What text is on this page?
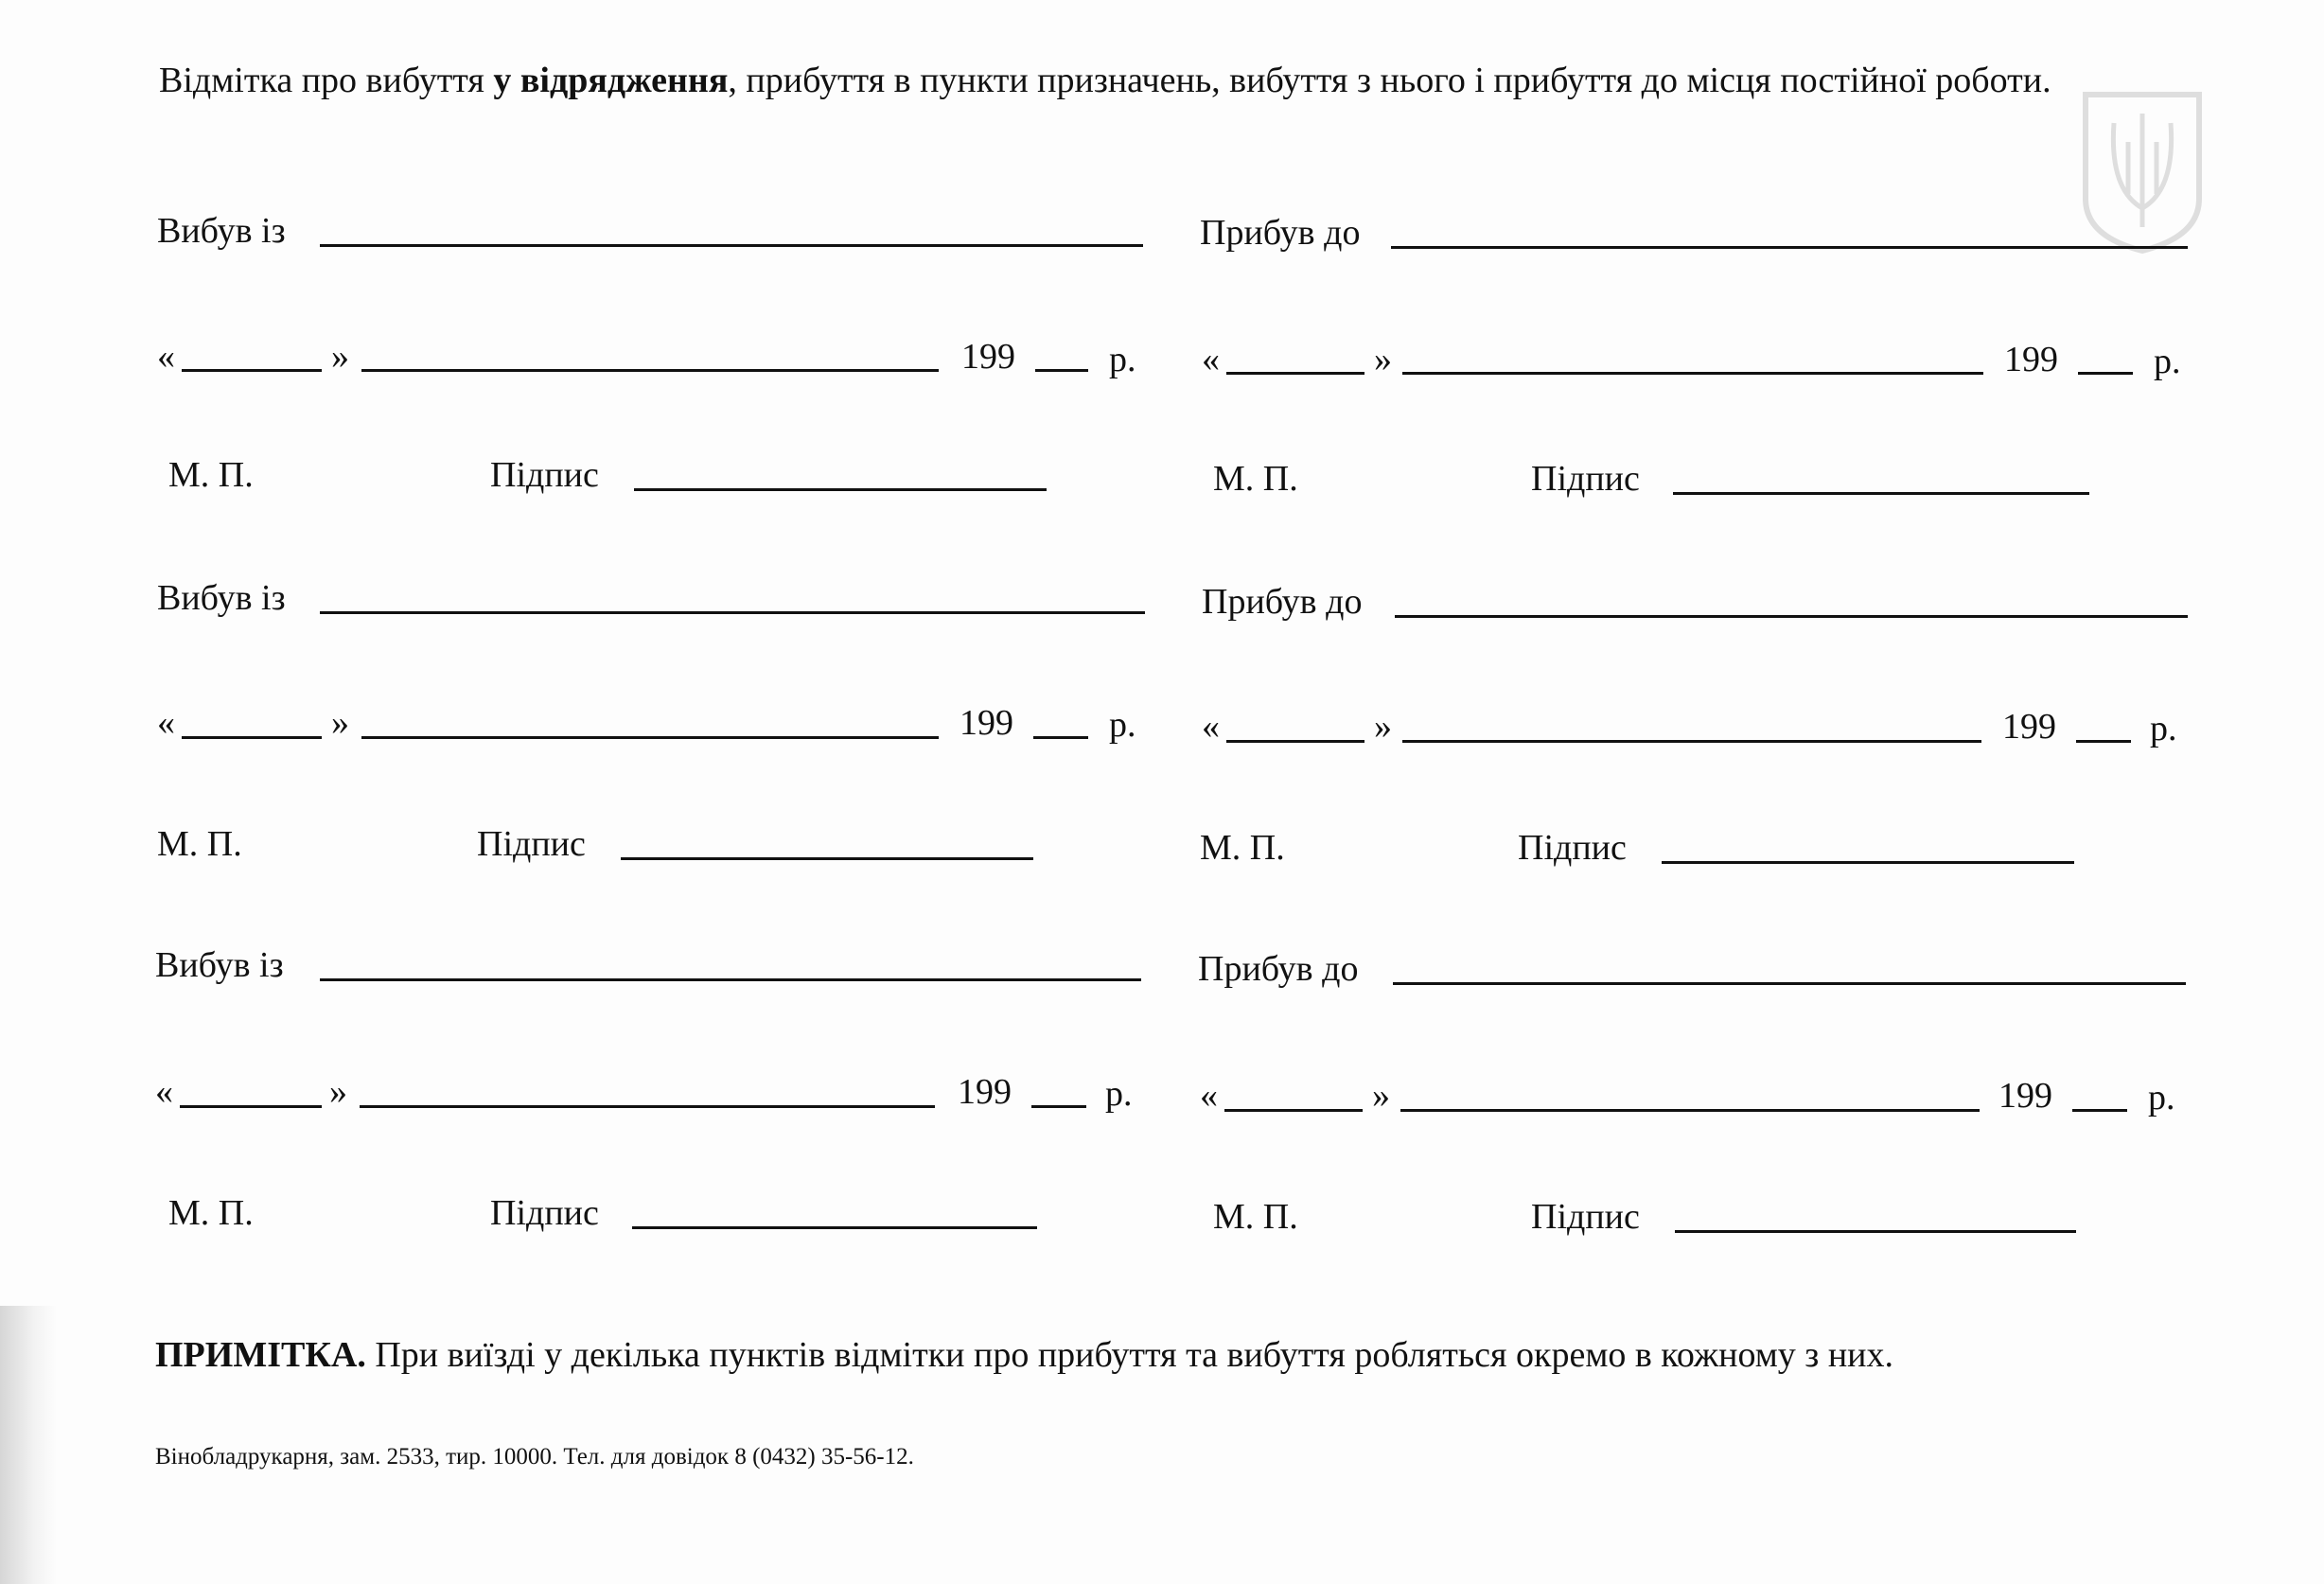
Відмітка про вибуття у відрядження, прибуття в пункти призначень, вибуття з нього і прибуття до місця постійної роботи.
Вибув із	Прибув до
«	»	199	р. «	»	199	р.
М. П.	Підпис	М. П.	Підпис
Вибув із	Прибув до
«	»	199	р. «	»	199	р.
М. П.	Підпис	М. П.	Підпис
Вибув із	Прибув до
«	»	199	р. «	»	199	р.
М. П.	Підпис	М. П.	Підпис
ПРИМІТКА. При виїзді у декілька пунктів відмітки про прибуття та вибуття робляться окремо в кожному з них.
Вінобладрукарня, зам. 2533, тир. 10000. Тел. для довідок 8 (0432) 35-56-12.
